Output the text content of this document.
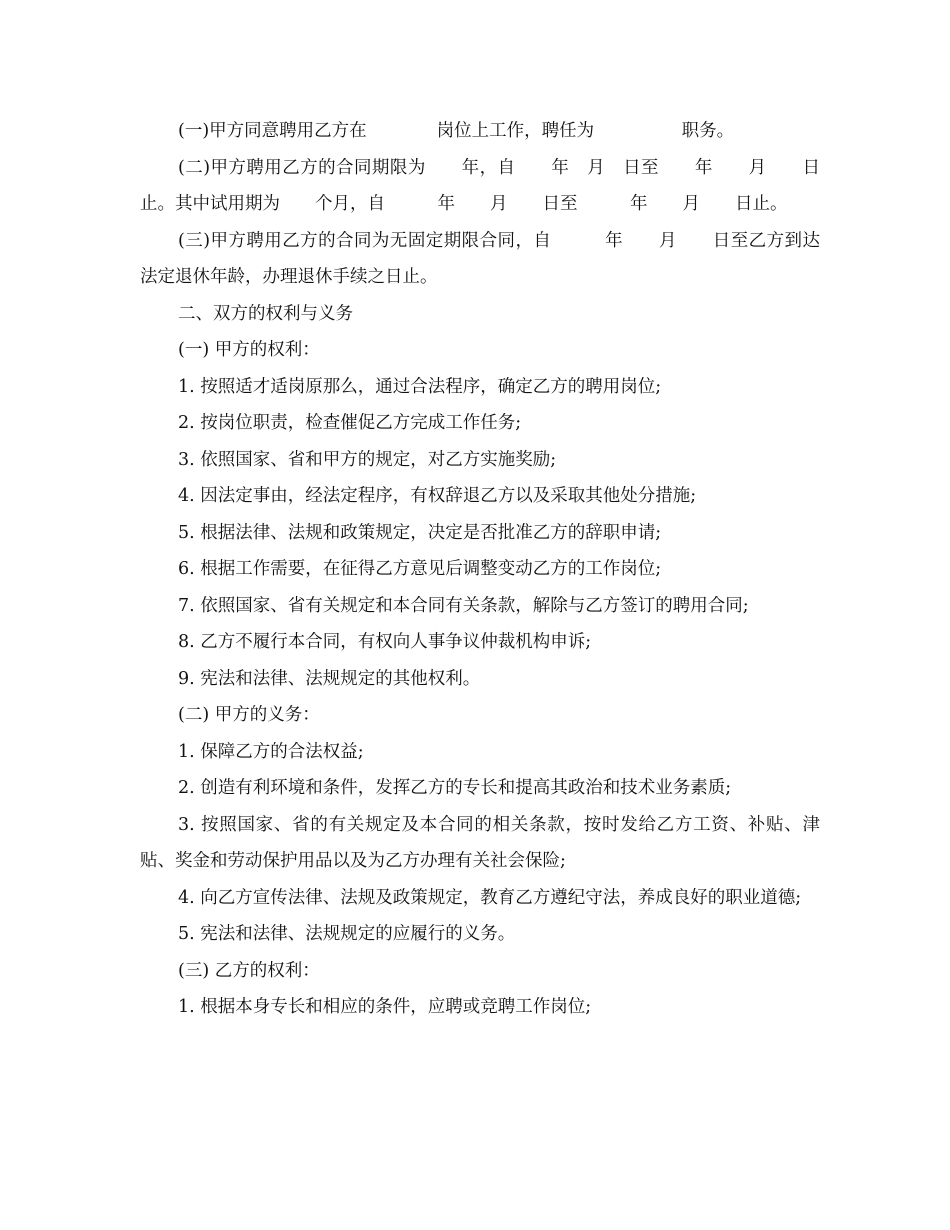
(一)甲方同意聘用乙方在　　　　岗位上工作，聘任为　　　　　职务。

(二)甲方聘用乙方的合同期限为　　年，自　　年　月　日至　　年　　月　　日止。其中试用期为　　个月，自　　　年　　月　　日至　　　年　　月　　日止。

(三)甲方聘用乙方的合同为无固定期限合同，自　　　年　　月　　日至乙方到达法定退休年龄，办理退休手续之日止。

二、双方的权利与义务

(一) 甲方的权利：

1. 按照适才适岗原那么，通过合法程序，确定乙方的聘用岗位;

2. 按岗位职责，检查催促乙方完成工作任务;

3. 依照国家、省和甲方的规定，对乙方实施奖励;

4. 因法定事由，经法定程序，有权辞退乙方以及采取其他处分措施;

5. 根据法律、法规和政策规定，决定是否批准乙方的辞职申请;

6. 根据工作需要，在征得乙方意见后调整变动乙方的工作岗位;

7. 依照国家、省有关规定和本合同有关条款，解除与乙方签订的聘用合同;

8. 乙方不履行本合同，有权向人事争议仲裁机构申诉;

9. 宪法和法律、法规规定的其他权利。

(二) 甲方的义务：

1. 保障乙方的合法权益;

2. 创造有利环境和条件，发挥乙方的专长和提高其政治和技术业务素质;

3. 按照国家、省的有关规定及本合同的相关条款，按时发给乙方工资、补贴、津贴、奖金和劳动保护用品以及为乙方办理有关社会保险;

4. 向乙方宣传法律、法规及政策规定，教育乙方遵纪守法，养成良好的职业道德;

5. 宪法和法律、法规规定的应履行的义务。

(三) 乙方的权利：

1. 根据本身专长和相应的条件，应聘或竞聘工作岗位;
